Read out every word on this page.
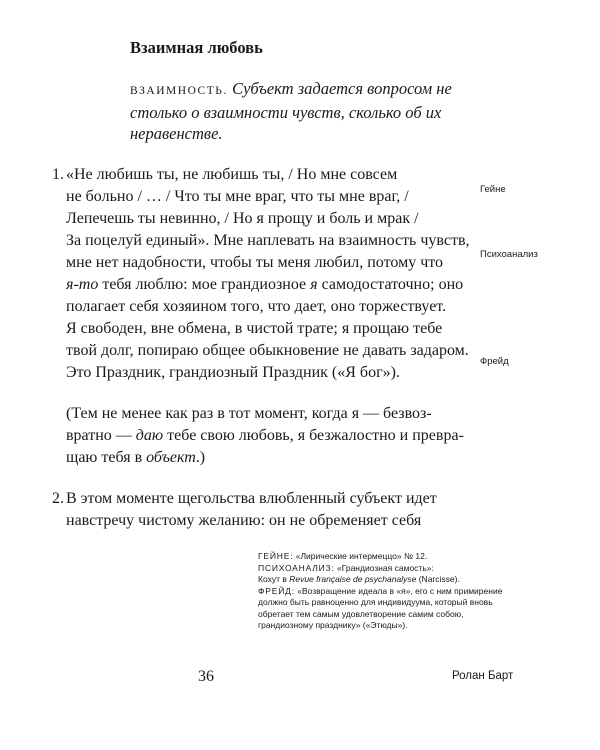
Взаимная любовь
ВЗАИМНОСТЬ . Субъект задается вопросом не столько о взаимности чувств, сколько об их неравенстве.
1. «Не любишь ты, не любишь ты, / Но мне совсем
не больно / … / Что ты мне враг, что ты мне враг, /
Лепечешь ты невинно, / Но я прощу и боль и мрак /
За поцелуй единый». Мне наплевать на взаимность чувств,
мне нет надобности, чтобы ты меня любил, потому что
я-то тебя люблю: мое грандиозное я самодостаточно; оно
полагает себя хозяином того, что дает, оно торжествует.
Я свободен, вне обмена, в чистой трате; я прощаю тебе
твой долг, попираю общее обыкновение не давать задаром.
Это Праздник, грандиозный Праздник («Я бог»).
(Тем не менее как раз в тот момент, когда я — безвоз-
вратно — даю тебе свою любовь, я безжалостно и превра-
щаю тебя в объект.)
2. В этом моменте щегольства влюбленный субъект идет
навстречу чистому желанию: он не обременяет себя
Гейне
Психоанализ
Фрейд
ГЕЙНЕ: «Лирические интермеццо» № 12.
ПСИХОАНАЛИЗ: «Грандиозная самость»:
Кохут в Revue française de psychanalyse (Narcisse).
ФРЕЙД: «Возвращение идеала в «я», его с ним примирение
должно быть равноценно для индивидуума, который вновь
обретает тем самым удовлетворение самим собою,
грандиозному празднику» («Этюды»).
36	Ролан Барт
